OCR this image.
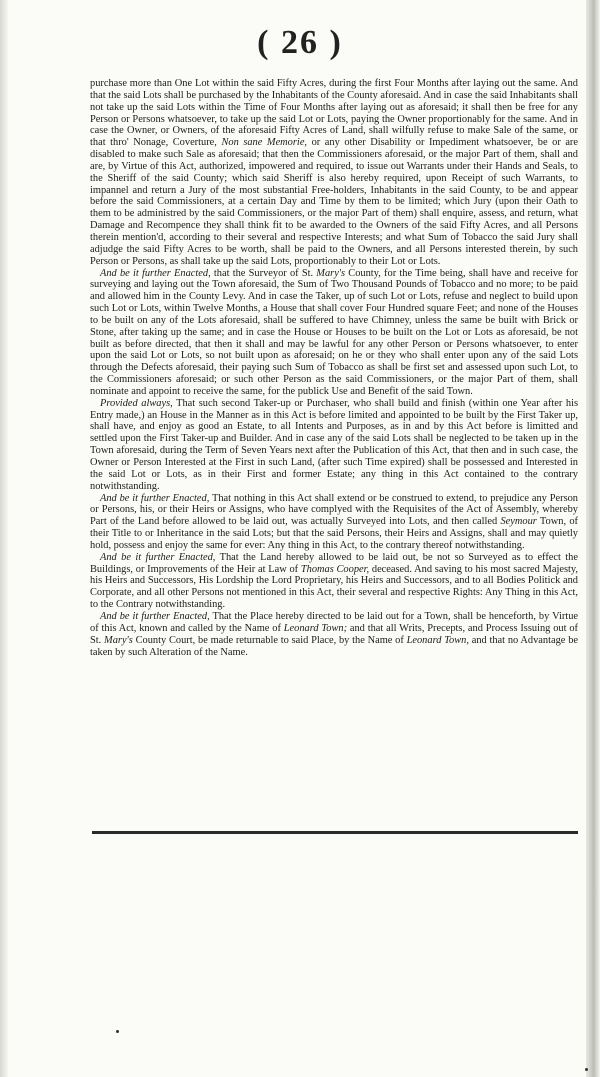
( 26 )

purchase more than One Lot within the said Fifty Acres, during the first Four Months after laying out the same. And that the said Lots shall be purchased by the Inhabitants of the County aforesaid. And in case the said Inhabitants shall not take up the said Lots within the Time of Four Months after laying out as aforesaid; it shall then be free for any Person or Persons whatsoever, to take up the said Lot or Lots, paying the Owner proportionably for the same. And in case the Owner, or Owners, of the aforesaid Fifty Acres of Land, shall wilfully refuse to make Sale of the same, or that thro' Nonage, Coverture, Non sane Memorie, or any other Disability or Impediment whatsoever, be or are disabled to make such Sale as aforesaid; that then the Commissioners aforesaid, or the major Part of them, shall and are, by Virtue of this Act, authorized, impowered and required, to issue out Warrants under their Hands and Seals, to the Sheriff of the said County; which said Sheriff is also hereby required, upon Receipt of such Warrants, to impannel and return a Jury of the most substantial Free-holders, Inhabitants in the said County, to be and appear before the said Commissioners, at a certain Day and Time by them to be limited; which Jury (upon their Oath to them to be administred by the said Commissioners, or the major Part of them) shall enquire, assess, and return, what Damage and Recompence they shall think fit to be awarded to the Owners of the said Fifty Acres, and all Persons therein mention'd, according to their several and respective Interests; and what Sum of Tobacco the said Jury shall adjudge the said Fifty Acres to be worth, shall be paid to the Owners, and all Persons interested therein, by such Person or Persons, as shall take up the said Lots, proportionably to their Lot or Lots.

And be it further Enacted, that the Surveyor of St. Mary's County, for the Time being, shall have and receive for surveying and laying out the Town aforesaid, the Sum of Two Thousand Pounds of Tobacco and no more; to be paid and allowed him in the County Levy. And in case the Taker, up of such Lot or Lots, refuse and neglect to build upon such Lot or Lots, within Twelve Months, a House that shall cover Four Hundred square Feet; and none of the Houses to be built on any of the Lots aforesaid, shall be suffered to have Chimney, unless the same be built with Brick or Stone, after taking up the same; and in case the House or Houses to be built on the Lot or Lots as aforesaid, be not built as before directed, that then it shall and may be lawful for any other Person or Persons whatsoever, to enter upon the said Lot or Lots, so not built upon as aforesaid; on he or they who shall enter upon any of the said Lots through the Defects aforesaid, their paying such Sum of Tobacco as shall be first set and assessed upon such Lot, to the Commissioners aforesaid; or such other Person as the said Commissioners, or the major Part of them, shall nominate and appoint to receive the same, for the publick Use and Benefit of the said Town.

Provided always, That such second Taker-up or Purchaser, who shall build and finish (within one Year after his Entry made,) an House in the Manner as in this Act is before limited and appointed to be built by the First Taker up, shall have, and enjoy as good an Estate, to all Intents and Purposes, as in and by this Act before is limitted and settled upon the First Taker-up and Builder. And in case any of the said Lots shall be neglected to be taken up in the Town aforesaid, during the Term of Seven Years next after the Publication of this Act, that then and in such case, the Owner or Person Interested at the First in such Land, (after such Time expired) shall be possessed and Interested in the said Lot or Lots, as in their First and former Estate; any thing in this Act contained to the contrary notwithstanding.

And be it further Enacted, That nothing in this Act shall extend or be construed to extend, to prejudice any Person or Persons, his, or their Heirs or Assigns, who have complyed with the Requisites of the Act of Assembly, whereby Part of the Land before allowed to be laid out, was actually Surveyed into Lots, and then called Seymour Town, of their Title to or Inheritance in the said Lots; but that the said Persons, their Heirs and Assigns, shall and may quietly hold, possess and enjoy the same for ever: Any thing in this Act, to the contrary thereof notwithstanding.

And be it further Enacted, That the Land hereby allowed to be laid out, be not so Surveyed as to effect the Buildings, or Improvements of the Heir at Law of Thomas Cooper, deceased. And saving to his most sacred Majesty, his Heirs and Successors, His Lordship the Lord Proprietary, his Heirs and Successors, and to all Bodies Politick and Corporate, and all other Persons not mentioned in this Act, their several and respective Rights: Any Thing in this Act, to the Contrary notwithstanding.

And be it further Enacted, That the Place hereby directed to be laid out for a Town, shall be henceforth, by Virtue of this Act, known and called by the Name of Leonard Town; and that all Writs, Precepts, and Process Issuing out of St. Mary's County Court, be made returnable to said Place, by the Name of Leonard Town, and that no Advantage be taken by such Alteration of the Name.
